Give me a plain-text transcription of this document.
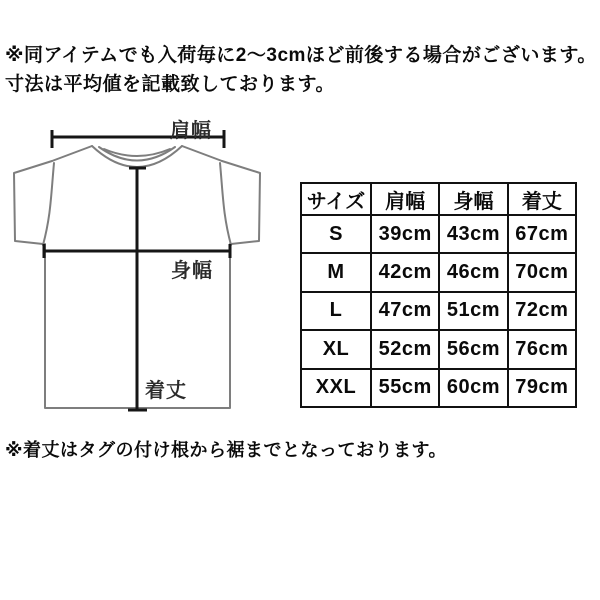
※同アイテムでも入荷毎に2～3cmほど前後する場合がございます。
寸法は平均値を記載致しております。
肩幅
身幅
着丈
サイズ	肩幅	身幅	着丈
S	39cm	43cm	67cm
M	42cm	46cm	70cm
L	47cm	51cm	72cm
XL	52cm	56cm	76cm
XXL	55cm	60cm	79cm
※着丈はタグの付け根から裾までとなっております。
